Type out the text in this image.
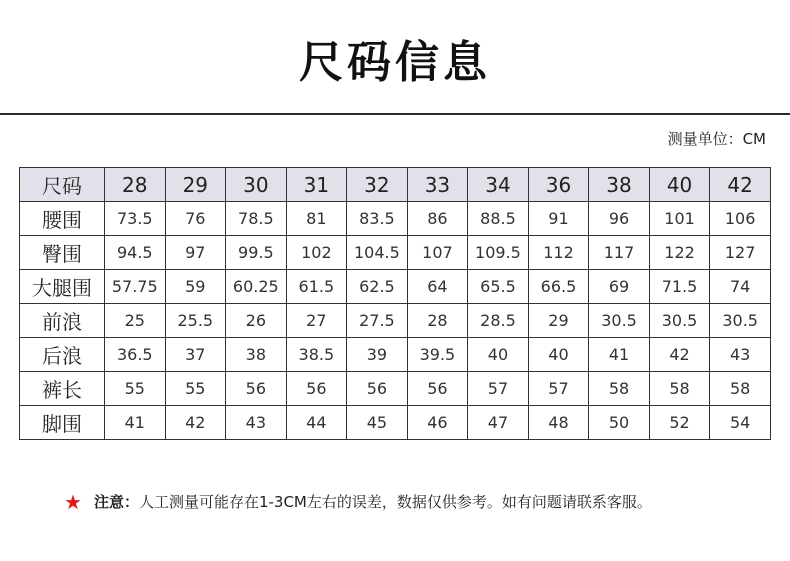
尺码信息
测量单位：CM
尺码	28	29	30	31	32	33	34	36	38	40	42
腰围	73.5	76	78.5	81	83.5	86	88.5	91	96	101	106
臀围	94.5	97	99.5	102	104.5	107	109.5	112	117	122	127
大腿围	57.75	59	60.25	61.5	62.5	64	65.5	66.5	69	71.5	74
前浪	25	25.5	26	27	27.5	28	28.5	29	30.5	30.5	30.5
后浪	36.5	37	38	38.5	39	39.5	40	40	41	42	43
裤长	55	55	56	56	56	56	57	57	58	58	58
脚围	41	42	43	44	45	46	47	48	50	52	54
★ 注意：人工测量可能存在1-3CM左右的误差，数据仅供参考。如有问题请联系客服。
